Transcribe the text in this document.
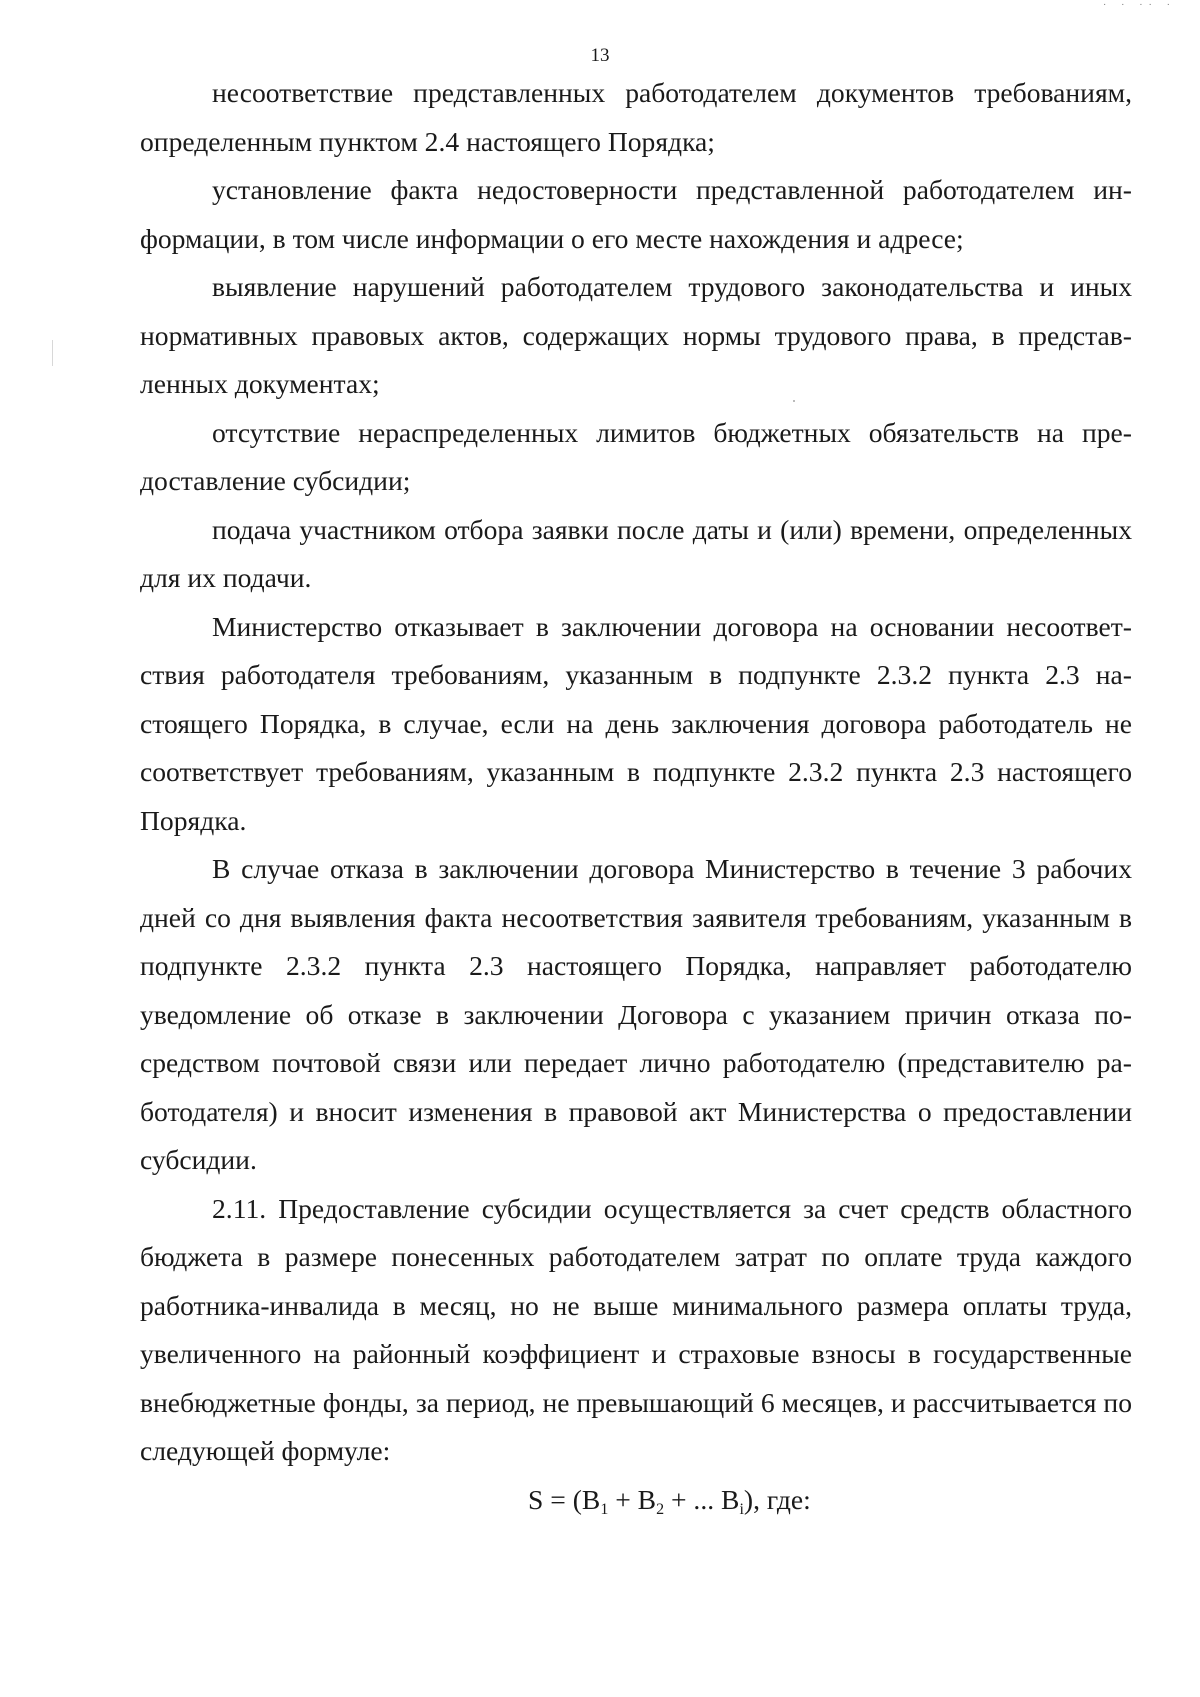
· · ·· ·
13

несоответствие представленных работодателем документов требованиям, определенным пунктом 2.4 настоящего Порядка;

установление факта недостоверности представленной работодателем информации, в том числе информации о его месте нахождения и адресе;

выявление нарушений работодателем трудового законодательства и иных нормативных правовых актов, содержащих нормы трудового права, в представленных документах;

отсутствие нераспределенных лимитов бюджетных обязательств на предоставление субсидии;

подача участником отбора заявки после даты и (или) времени, определенных для их подачи.

Министерство отказывает в заключении договора на основании несоответствия работодателя требованиям, указанным в подпункте 2.3.2 пункта 2.3 настоящего Порядка, в случае, если на день заключения договора работодатель не соответствует требованиям, указанным в подпункте 2.3.2 пункта 2.3 настоящего Порядка.

В случае отказа в заключении договора Министерство в течение 3 рабочих дней со дня выявления факта несоответствия заявителя требованиям, указанным в подпункте 2.3.2 пункта 2.3 настоящего Порядка, направляет работодателю уведомление об отказе в заключении Договора с указанием причин отказа посредством почтовой связи или передает лично работодателю (представителю работодателя) и вносит изменения в правовой акт Министерства о предоставлении субсидии.

2.11. Предоставление субсидии осуществляется за счет средств областного бюджета в размере понесенных работодателем затрат по оплате труда каждого работника-инвалида в месяц, но не выше минимального размера оплаты труда, увеличенного на районный коэффициент и страховые взносы в государственные внебюджетные фонды, за период, не превышающий 6 месяцев, и рассчитывается по следующей формуле:

$S = (B_1 + B_2$ + ... $B_i$), где:
